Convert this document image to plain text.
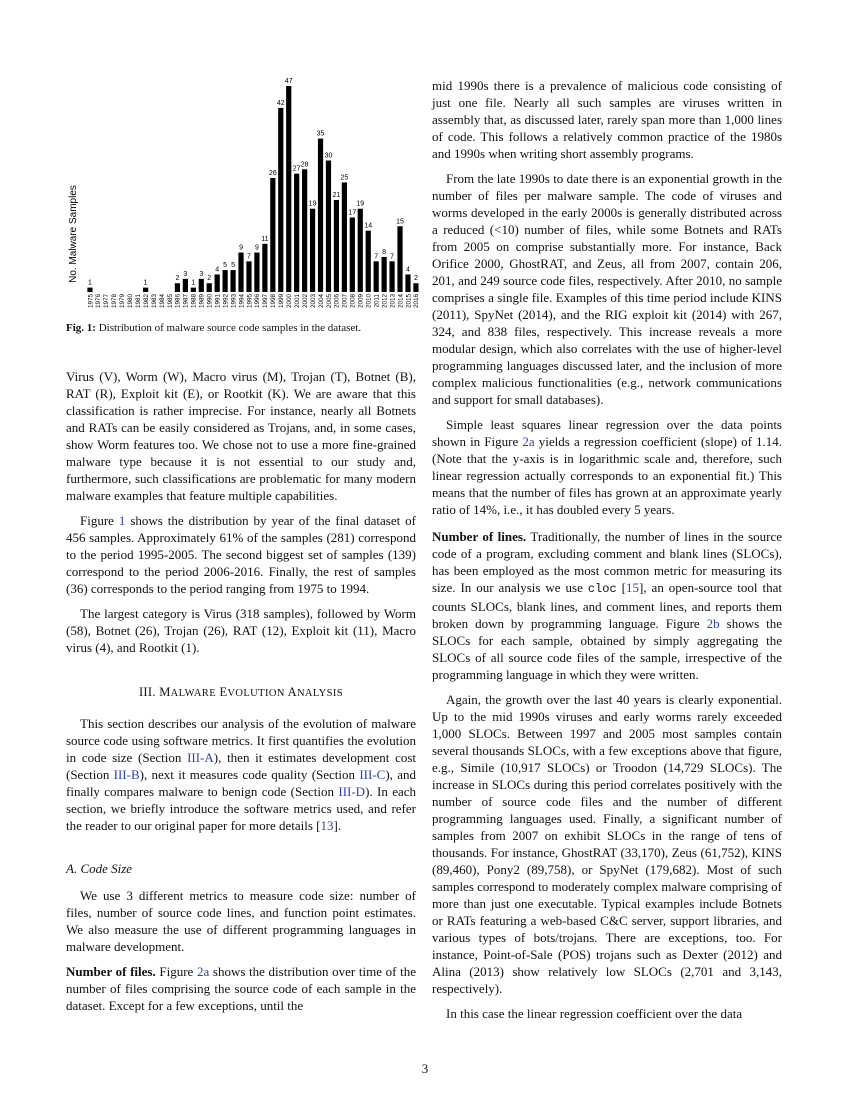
No. Malware Samples
1	1
2
3
1
3
2
4
5 5
9
7
9
11
26
42
47
27
28
19
35
30
21
25
17
19
14
7
8
7
15
4
2
1975 1976 1977 1978 1979 1980 1981 1982 1983 1984 1985 1986 1987 1988 1989 1990 1991 1992 1993 1994 1995 1996 1997 1998 1999 2000 2001 2002 2003 2004 2005 2006 2007 2008 2009 2010 2011 2012 2013 2014 2015 2016

Fig. 1: Distribution of malware source code samples in the dataset.

Virus (V), Worm (W), Macro virus (M), Trojan (T), Botnet (B), RAT (R), Exploit kit (E), or Rootkit (K). We are aware that this classification is rather imprecise. For instance, nearly all Botnets and RATs can be easily considered as Trojans, and, in some cases, show Worm features too. We chose not to use a more fine-grained malware type because it is not essential to our study and, furthermore, such classifications are problematic for many modern malware examples that feature multiple capabilities.

Figure 1 shows the distribution by year of the final dataset of 456 samples. Approximately 61% of the samples (281) correspond to the period 1995-2005. The second biggest set of samples (139) correspond to the period 2006-2016. Finally, the rest of samples (36) corresponds to the period ranging from 1975 to 1994.

The largest category is Virus (318 samples), followed by Worm (58), Botnet (26), Trojan (26), RAT (12), Exploit kit (11), Macro virus (4), and Rootkit (1).

III. MALWARE EVOLUTION ANALYSIS

This section describes our analysis of the evolution of malware source code using software metrics. It first quantifies the evolution in code size (Section III-A), then it estimates development cost (Section III-B), next it measures code quality (Section III-C), and finally compares malware to benign code (Section III-D). In each section, we briefly introduce the software metrics used, and refer the reader to our original paper for more details [13].

A. Code Size

We use 3 different metrics to measure code size: number of files, number of source code lines, and function point estimates. We also measure the use of different programming languages in malware development.

Number of files. Figure 2a shows the distribution over time of the number of files comprising the source code of each sample in the dataset. Except for a few exceptions, until the

mid 1990s there is a prevalence of malicious code consisting of just one file. Nearly all such samples are viruses written in assembly that, as discussed later, rarely span more than 1,000 lines of code. This follows a relatively common practice of the 1980s and 1990s when writing short assembly programs.

From the late 1990s to date there is an exponential growth in the number of files per malware sample. The code of viruses and worms developed in the early 2000s is generally distributed across a reduced (<10) number of files, while some Botnets and RATs from 2005 on comprise substantially more. For instance, Back Orifice 2000, GhostRAT, and Zeus, all from 2007, contain 206, 201, and 249 source code files, respectively. After 2010, no sample comprises a single file. Examples of this time period include KINS (2011), SpyNet (2014), and the RIG exploit kit (2014) with 267, 324, and 838 files, respectively. This increase reveals a more modular design, which also correlates with the use of higher-level programming languages discussed later, and the inclusion of more complex malicious functionalities (e.g., network communications and support for small databases).

Simple least squares linear regression over the data points shown in Figure 2a yields a regression coefficient (slope) of 1.14. (Note that the y-axis is in logarithmic scale and, therefore, such linear regression actually corresponds to an exponential fit.) This means that the number of files has grown at an approximate yearly ratio of 14%, i.e., it has doubled every 5 years.

Number of lines. Traditionally, the number of lines in the source code of a program, excluding comment and blank lines (SLOCs), has been employed as the most common metric for measuring its size. In our analysis we use cloc [15], an open-source tool that counts SLOCs, blank lines, and comment lines, and reports them broken down by programming language. Figure 2b shows the SLOCs for each sample, obtained by simply aggregating the SLOCs of all source code files of the sample, irrespective of the programming language in which they were written.

Again, the growth over the last 40 years is clearly exponential. Up to the mid 1990s viruses and early worms rarely exceeded 1,000 SLOCs. Between 1997 and 2005 most samples contain several thousands SLOCs, with a few exceptions above that figure, e.g., Simile (10,917 SLOCs) or Troodon (14,729 SLOCs). The increase in SLOCs during this period correlates positively with the number of source code files and the number of different programming languages used. Finally, a significant number of samples from 2007 on exhibit SLOCs in the range of tens of thousands. For instance, GhostRAT (33,170), Zeus (61,752), KINS (89,460), Pony2 (89,758), or SpyNet (179,682). Most of such samples correspond to moderately complex malware comprising of more than just one executable. Typical examples include Botnets or RATs featuring a web-based C&C server, support libraries, and various types of bots/trojans. There are exceptions, too. For instance, Point-of-Sale (POS) trojans such as Dexter (2012) and Alina (2013) show relatively low SLOCs (2,701 and 3,143, respectively).

In this case the linear regression coefficient over the data

3
